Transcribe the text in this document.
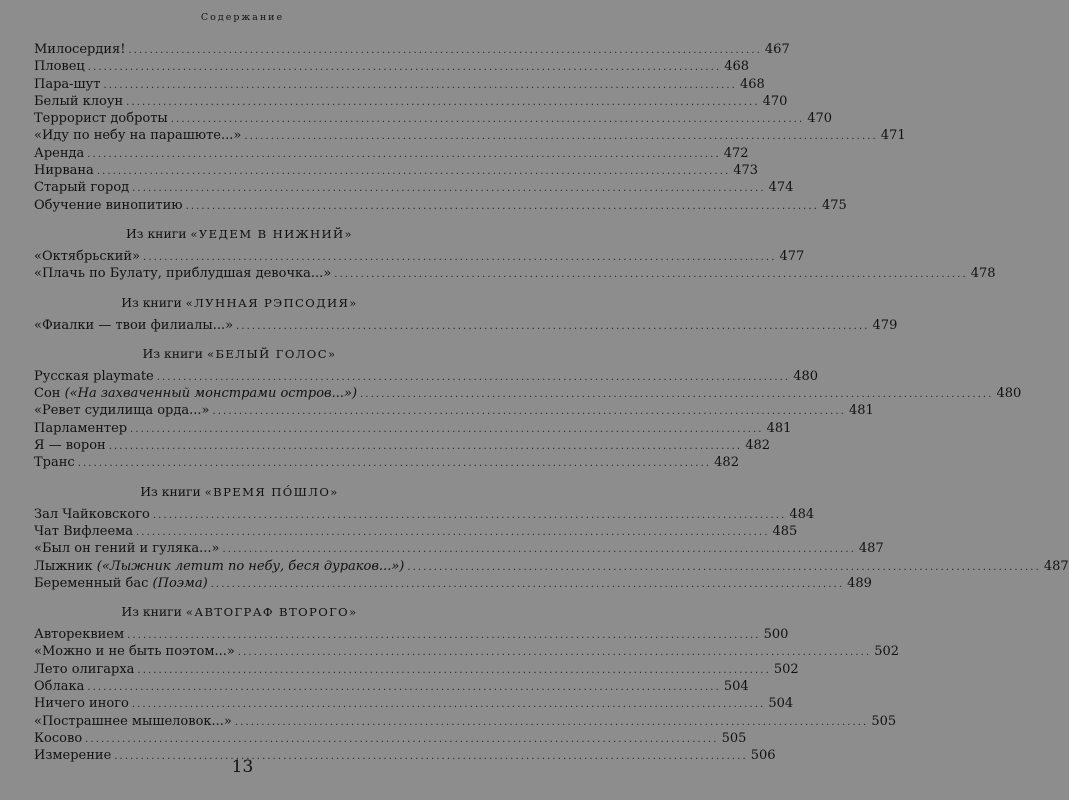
Содержание
Милосердия! ........................................................................................................................ 467
Пловец ........................................................................................................................ 468
Пара-шут ........................................................................................................................ 468
Белый клоун ........................................................................................................................ 470
Террорист доброты ........................................................................................................................ 470
«Иду по небу на парашюте...» ........................................................................................................................ 471
Аренда ........................................................................................................................ 472
Нирвана ........................................................................................................................ 473
Старый город ........................................................................................................................ 474
Обучение винопитию ........................................................................................................................ 475
Из книги «УЕДЕМ В НИЖНИЙ»
«Октябрьский» ........................................................................................................................ 477
«Плачь по Булату, приблудшая девочка...» ........................................................................................................................ 478
Из книги «ЛУННАЯ РЭПСОДИЯ»
«Фиалки — твои филиалы...» ........................................................................................................................ 479
Из книги «БЕЛЫЙ ГОЛОС»
Русская playmate ........................................................................................................................ 480
Сон («На захваченный монстрами остров...») ........................................................................................................................ 480
«Ревет судилища орда...» ........................................................................................................................ 481
Парламентер ........................................................................................................................ 481
Я — ворон ........................................................................................................................ 482
Транс ........................................................................................................................ 482
Из книги «ВРЕМЯ ПО́ШЛО»
Зал Чайковского ........................................................................................................................ 484
Чат Вифлеема ........................................................................................................................ 485
«Был он гений и гуляка...» ........................................................................................................................ 487
Лыжник («Лыжник летит по небу, беся дураков...») ........................................................................................................................ 487
Беременный бас (Поэма) ........................................................................................................................ 489
Из книги «АВТОГРАФ ВТОРОГО»
Автореквием ........................................................................................................................ 500
«Можно и не быть поэтом...» ........................................................................................................................ 502
Лето олигарха ........................................................................................................................ 502
Облака ........................................................................................................................ 504
Ничего иного ........................................................................................................................ 504
«Пострашнее мышеловок...» ........................................................................................................................ 505
Косово ........................................................................................................................ 505
Измерение ........................................................................................................................ 506
13
